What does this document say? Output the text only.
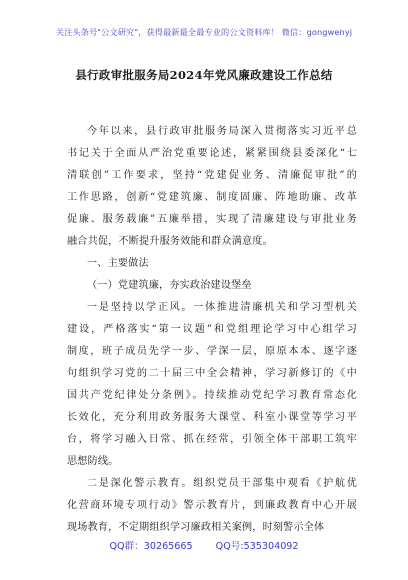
关注头条号"公文研究"，获得最新最全最专业的公文资料库！ 微信：gongwenyj
县行政审批服务局2024年党风廉政建设工作总结
今年以来，县行政审批服务局深入贯彻落实习近平总
书记关于全面从严治党重要论述，紧紧围绕县委深化“七
清联创”工作要求，坚持“党建促业务、清廉促审批”的
工作思路，创新“党建筑廉、制度固廉、阵地助廉、改革
促廉、服务载廉”五廉举措，实现了清廉建设与审批业务
融合共促，不断提升服务效能和群众满意度。
一、主要做法
（一）党建筑廉，夯实政治建设堡垒
一是坚持以学正风。一体推进清廉机关和学习型机关
建设，严格落实“第一议题”和党组理论学习中心组学习
制度，班子成员先学一步、学深一层，原原本本、逐字逐
句组织学习党的二十届三中全会精神，学习新修订的《中
国共产党纪律处分条例》。持续推动党纪学习教育常态化
长效化，充分利用政务服务大课堂、科室小课堂等学习平
台，将学习融入日常、抓在经常，引领全体干部职工筑牢
思想防线。
二是深化警示教育。组织党员干部集中观看《护航优
化营商环境专项行动》警示教育片，到廉政教育中心开展
现场教育，不定期组织学习廉政相关案例，时刻警示全体
QQ群：30265665 QQ号:535304092
